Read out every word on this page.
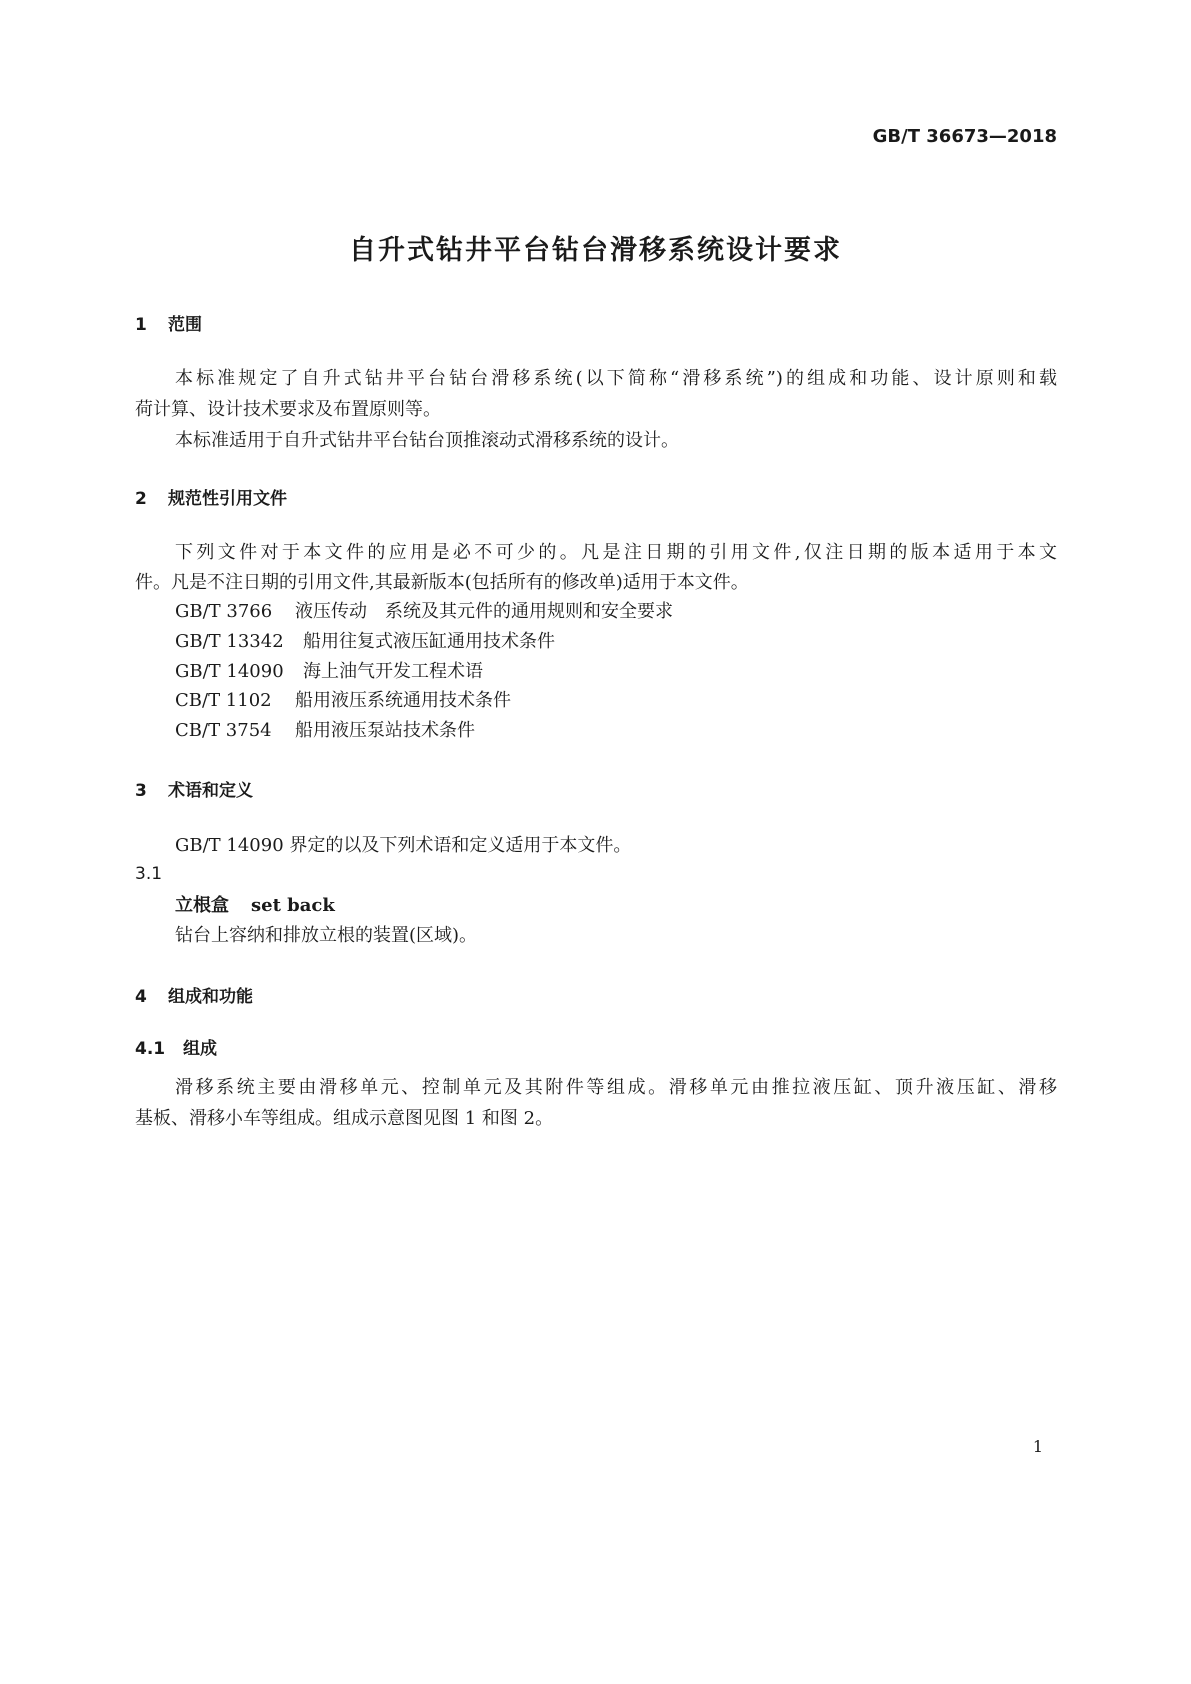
GB/T 36673—2018

自升式钻井平台钻台滑移系统设计要求
1 范围

本标准规定了自升式钻井平台钻台滑移系统(以下简称“滑移系统”)的组成和功能、设计原则和载

荷计算、设计技术要求及布置原则等。

本标准适用于自升式钻井平台钻台顶推滚动式滑移系统的设计。

2 规范性引用文件

下列文件对于本文件的应用是必不可少的。凡是注日期的引用文件,仅注日期的版本适用于本文

件。凡是不注日期的引用文件,其最新版本(包括所有的修改单)适用于本文件。

GB/T 3766 液压传动　系统及其元件的通用规则和安全要求
GB/T 13342 船用往复式液压缸通用技术条件
GB/T 14090 海上油气开发工程术语
CB/T 1102 船用液压系统通用技术条件
CB/T 3754 船用液压泵站技术条件
3 术语和定义

GB/T 14090 界定的以及下列术语和定义适用于本文件。

3.1

立根盒 set back

钻台上容纳和排放立根的装置(区域)。

4 组成和功能
4.1 组成

滑移系统主要由滑移单元、控制单元及其附件等组成。滑移单元由推拉液压缸、顶升液压缸、滑移

基板、滑移小车等组成。组成示意图见图 1 和图 2。

1
